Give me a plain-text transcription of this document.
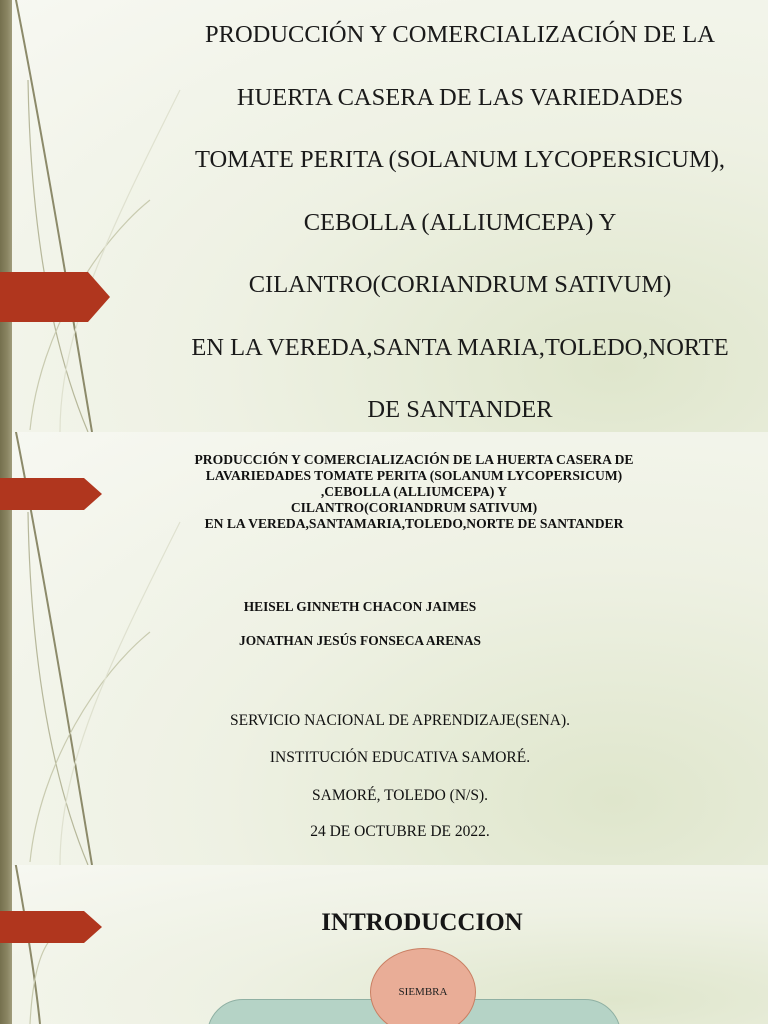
PRODUCCIÓN Y COMERCIALIZACIÓN DE LA
HUERTA CASERA DE LAS VARIEDADES
TOMATE PERITA (SOLANUM LYCOPERSICUM),
CEBOLLA (ALLIUMCEPA) Y
CILANTRO(CORIANDRUM SATIVUM)
EN LA VEREDA,SANTA MARIA,TOLEDO,NORTE
DE SANTANDER
PRODUCCIÓN Y COMERCIALIZACIÓN DE LA HUERTA CASERA DE
LAVARIEDADES TOMATE PERITA (SOLANUM LYCOPERSICUM)
,CEBOLLA (ALLIUMCEPA) Y
CILANTRO(CORIANDRUM SATIVUM)
EN LA VEREDA,SANTAMARIA,TOLEDO,NORTE DE SANTANDER
HEISEL GINNETH CHACON JAIMES
JONATHAN JESÚS FONSECA ARENAS
SERVICIO NACIONAL DE APRENDIZAJE(SENA).
INSTITUCIÓN EDUCATIVA SAMORÉ.
SAMORÉ, TOLEDO (N/S).
24 DE OCTUBRE DE 2022.
INTRODUCCION
SIEMBRA
